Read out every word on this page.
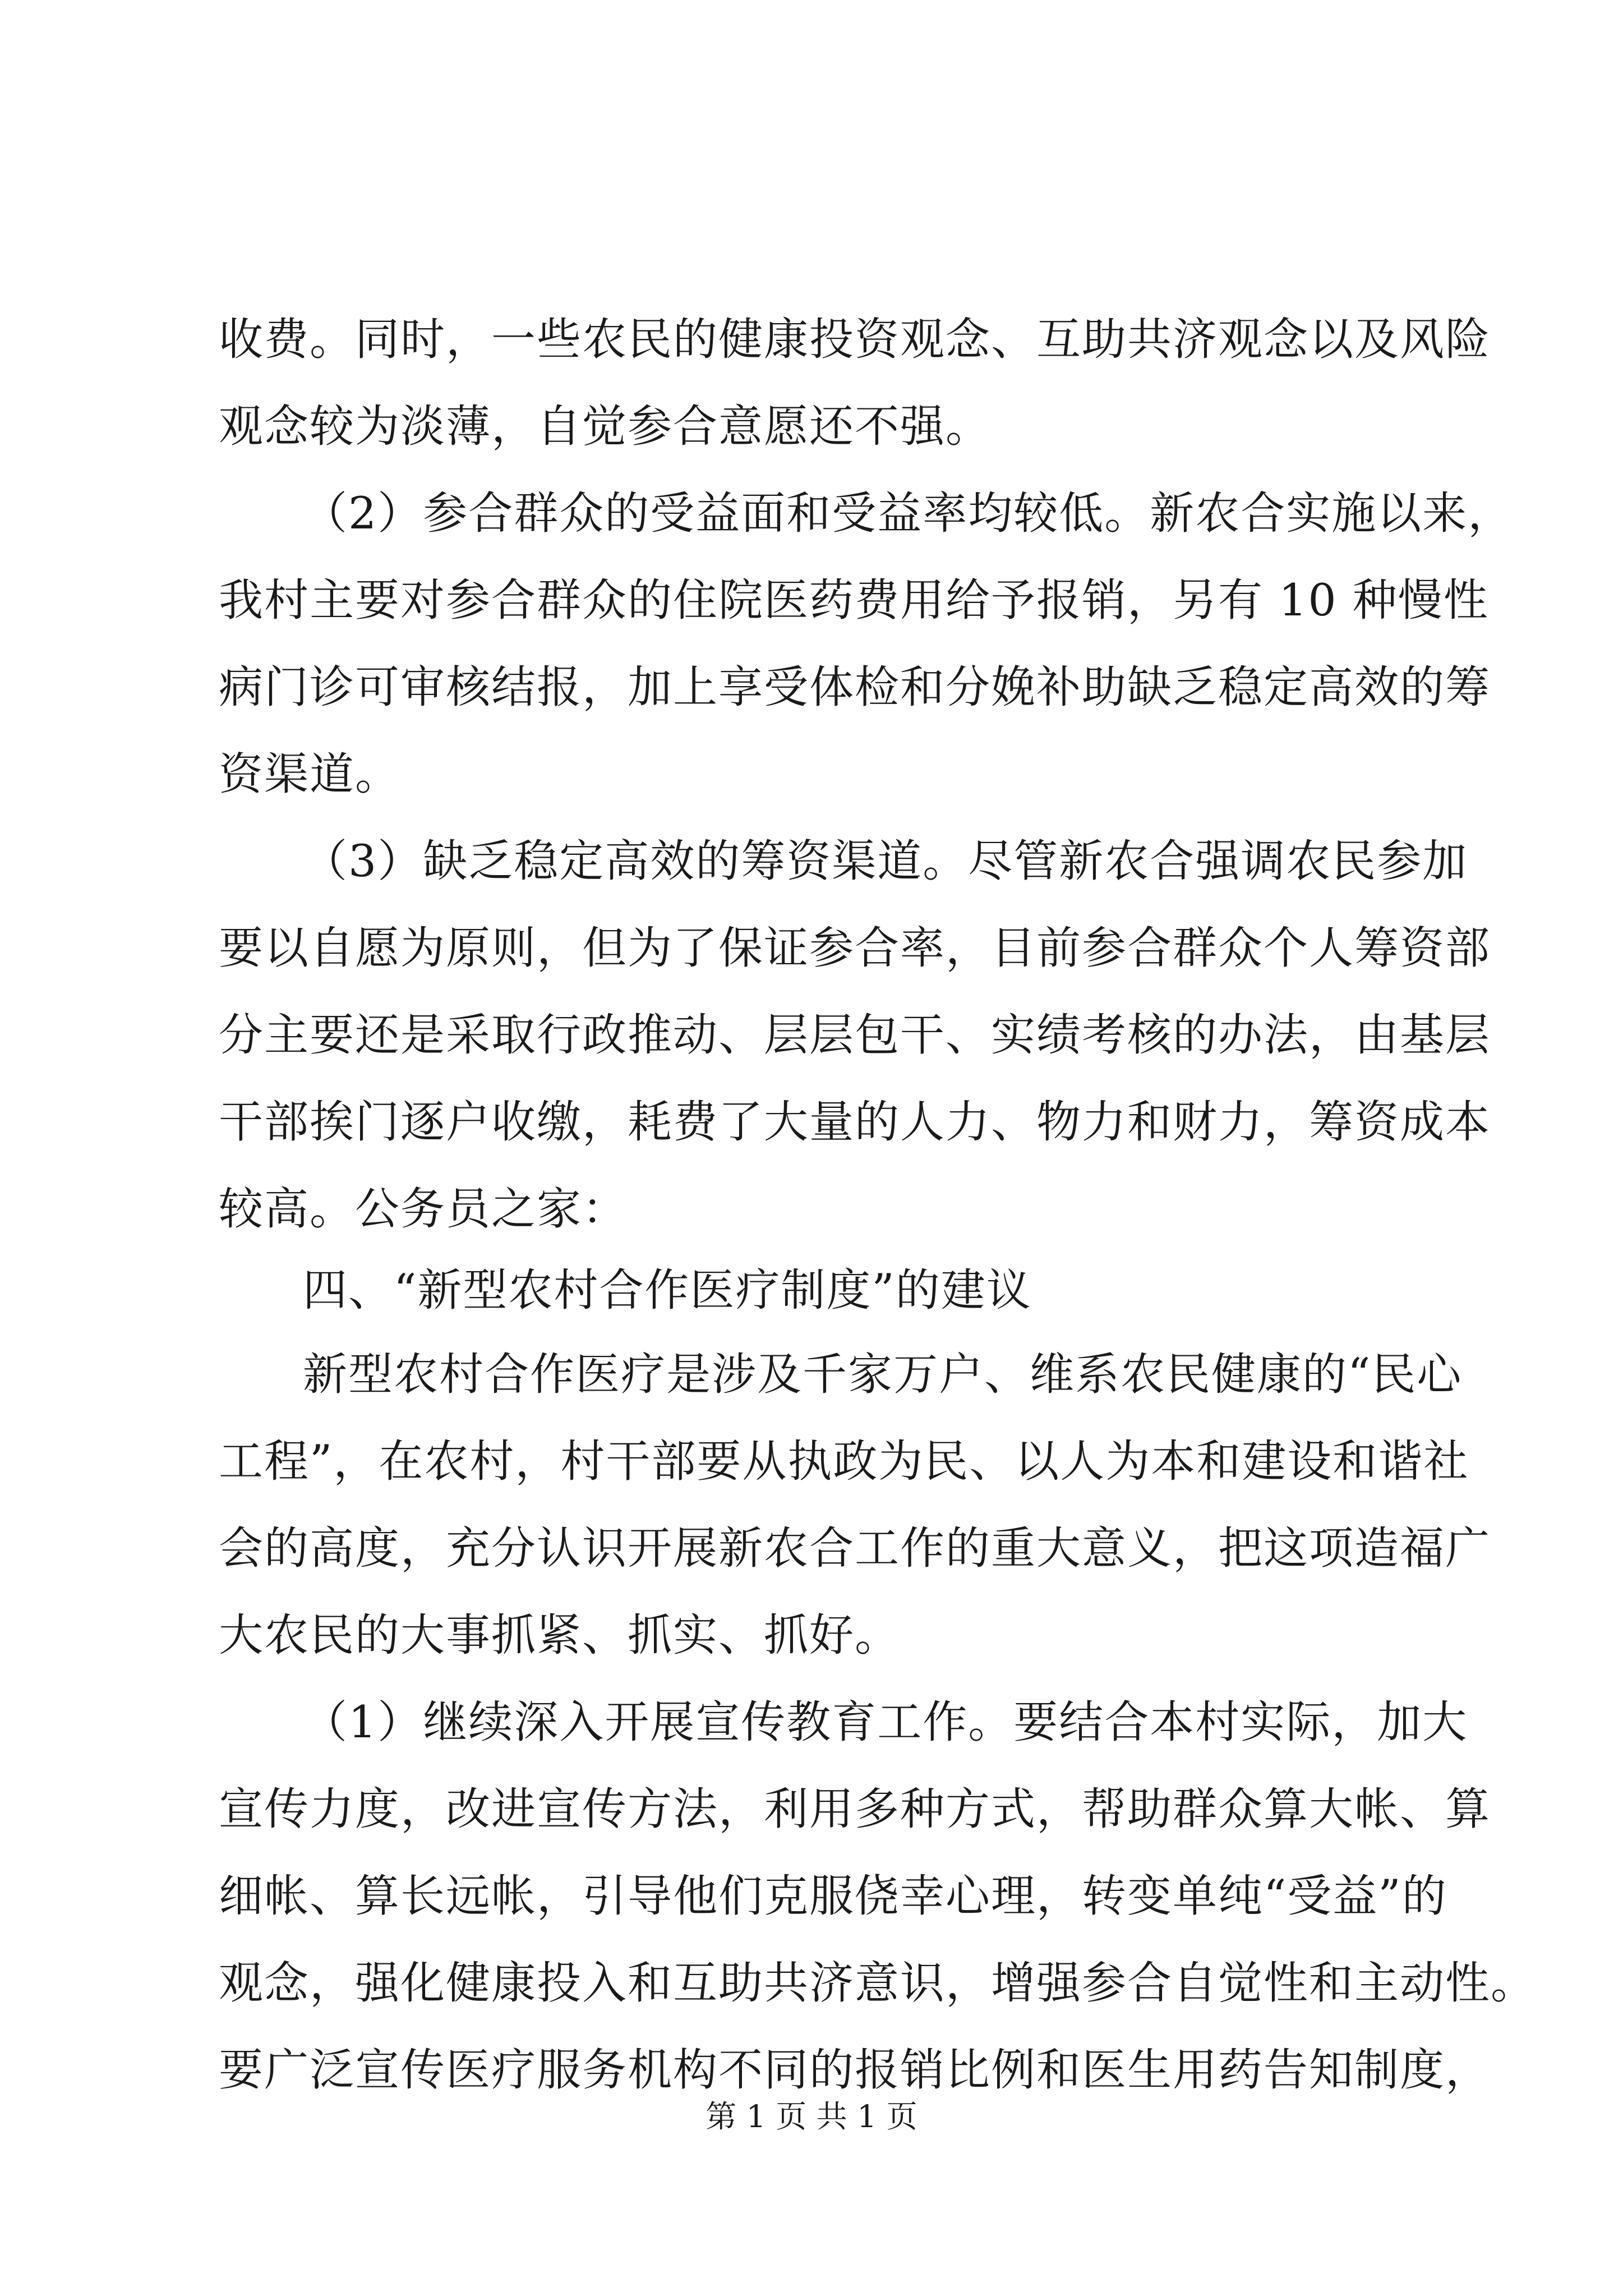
收费。同时，一些农民的健康投资观念、互助共济观念以及风险

观念较为淡薄，自觉参合意愿还不强。

（2）参合群众的受益面和受益率均较低。新农合实施以来，

我村主要对参合群众的住院医药费用给予报销，另有 10 种慢性

病门诊可审核结报，加上享受体检和分娩补助缺乏稳定高效的筹

资渠道。

（3）缺乏稳定高效的筹资渠道。尽管新农合强调农民参加

要以自愿为原则，但为了保证参合率，目前参合群众个人筹资部

分主要还是采取行政推动、层层包干、实绩考核的办法，由基层

干部挨门逐户收缴，耗费了大量的人力、物力和财力，筹资成本

较高。公务员之家：

四、“新型农村合作医疗制度”的建议

新型农村合作医疗是涉及千家万户、维系农民健康的“民心

工程”，在农村，村干部要从执政为民、以人为本和建设和谐社

会的高度，充分认识开展新农合工作的重大意义，把这项造福广

大农民的大事抓紧、抓实、抓好。

（1）继续深入开展宣传教育工作。要结合本村实际，加大

宣传力度，改进宣传方法，利用多种方式，帮助群众算大帐、算

细帐、算长远帐，引导他们克服侥幸心理，转变单纯“受益”的

观念，强化健康投入和互助共济意识，增强参合自觉性和主动性。

要广泛宣传医疗服务机构不同的报销比例和医生用药告知制度，

第 1 页 共 1 页
